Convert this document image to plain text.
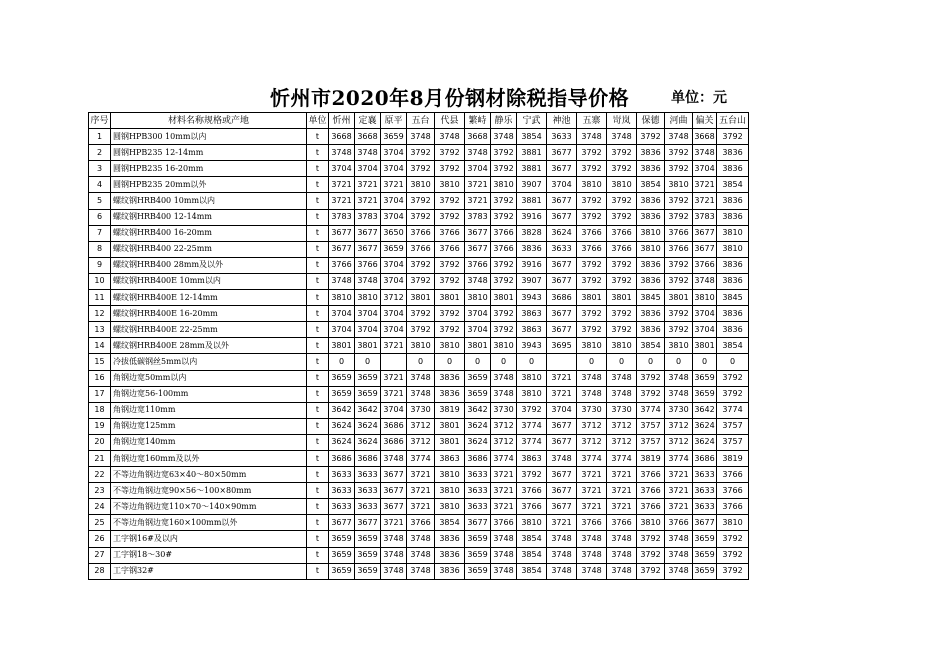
忻州市2020年8月份钢材除税指导价格	单位：元
序号	材料名称规格或产地	单位	忻州	定襄	原平	五台	代县	繁峙	静乐	宁武	神池	五寨	岢岚	保德	河曲	偏关	五台山
1	圆钢HPB300 10mm以内	t	3668	3668	3659	3748	3748	3668	3748	3854	3633	3748	3748	3792	3748	3668	3792
2	圆钢HPB235 12-14mm	t	3748	3748	3704	3792	3792	3748	3792	3881	3677	3792	3792	3836	3792	3748	3836
3	圆钢HPB235 16-20mm	t	3704	3704	3704	3792	3792	3704	3792	3881	3677	3792	3792	3836	3792	3704	3836
4	圆钢HPB235 20mm以外	t	3721	3721	3721	3810	3810	3721	3810	3907	3704	3810	3810	3854	3810	3721	3854
5	螺纹钢HRB400 10mm以内	t	3721	3721	3704	3792	3792	3721	3792	3881	3677	3792	3792	3836	3792	3721	3836
6	螺纹钢HRB400 12-14mm	t	3783	3783	3704	3792	3792	3783	3792	3916	3677	3792	3792	3836	3792	3783	3836
7	螺纹钢HRB400 16-20mm	t	3677	3677	3650	3766	3766	3677	3766	3828	3624	3766	3766	3810	3766	3677	3810
8	螺纹钢HRB400 22-25mm	t	3677	3677	3659	3766	3766	3677	3766	3836	3633	3766	3766	3810	3766	3677	3810
9	螺纹钢HRB400 28mm及以外	t	3766	3766	3704	3792	3792	3766	3792	3916	3677	3792	3792	3836	3792	3766	3836
10	螺纹钢HRB400E 10mm以内	t	3748	3748	3704	3792	3792	3748	3792	3907	3677	3792	3792	3836	3792	3748	3836
11	螺纹钢HRB400E 12-14mm	t	3810	3810	3712	3801	3801	3810	3801	3943	3686	3801	3801	3845	3801	3810	3845
12	螺纹钢HRB400E 16-20mm	t	3704	3704	3704	3792	3792	3704	3792	3863	3677	3792	3792	3836	3792	3704	3836
13	螺纹钢HRB400E 22-25mm	t	3704	3704	3704	3792	3792	3704	3792	3863	3677	3792	3792	3836	3792	3704	3836
14	螺纹钢HRB400E 28mm及以外	t	3801	3801	3721	3810	3810	3801	3810	3943	3695	3810	3810	3854	3810	3801	3854
15	冷拔低碳钢丝5mm以内	t	0	0		0	0	0	0	0		0	0	0	0	0	0
16	角钢边宽50mm以内	t	3659	3659	3721	3748	3836	3659	3748	3810	3721	3748	3748	3792	3748	3659	3792
17	角钢边宽56-100mm	t	3659	3659	3721	3748	3836	3659	3748	3810	3721	3748	3748	3792	3748	3659	3792
18	角钢边宽110mm	t	3642	3642	3704	3730	3819	3642	3730	3792	3704	3730	3730	3774	3730	3642	3774
19	角钢边宽125mm	t	3624	3624	3686	3712	3801	3624	3712	3774	3677	3712	3712	3757	3712	3624	3757
20	角钢边宽140mm	t	3624	3624	3686	3712	3801	3624	3712	3774	3677	3712	3712	3757	3712	3624	3757
21	角钢边宽160mm及以外	t	3686	3686	3748	3774	3863	3686	3774	3863	3748	3774	3774	3819	3774	3686	3819
22	不等边角钢边宽63×40～80×50mm	t	3633	3633	3677	3721	3810	3633	3721	3792	3677	3721	3721	3766	3721	3633	3766
23	不等边角钢边宽90×56～100×80mm	t	3633	3633	3677	3721	3810	3633	3721	3766	3677	3721	3721	3766	3721	3633	3766
24	不等边角钢边宽110×70～140×90mm	t	3633	3633	3677	3721	3810	3633	3721	3766	3677	3721	3721	3766	3721	3633	3766
25	不等边角钢边宽160×100mm以外	t	3677	3677	3721	3766	3854	3677	3766	3810	3721	3766	3766	3810	3766	3677	3810
26	工字钢16#及以内	t	3659	3659	3748	3748	3836	3659	3748	3854	3748	3748	3748	3792	3748	3659	3792
27	工字钢18～30#	t	3659	3659	3748	3748	3836	3659	3748	3854	3748	3748	3748	3792	3748	3659	3792
28	工字钢32#	t	3659	3659	3748	3748	3836	3659	3748	3854	3748	3748	3748	3792	3748	3659	3792
